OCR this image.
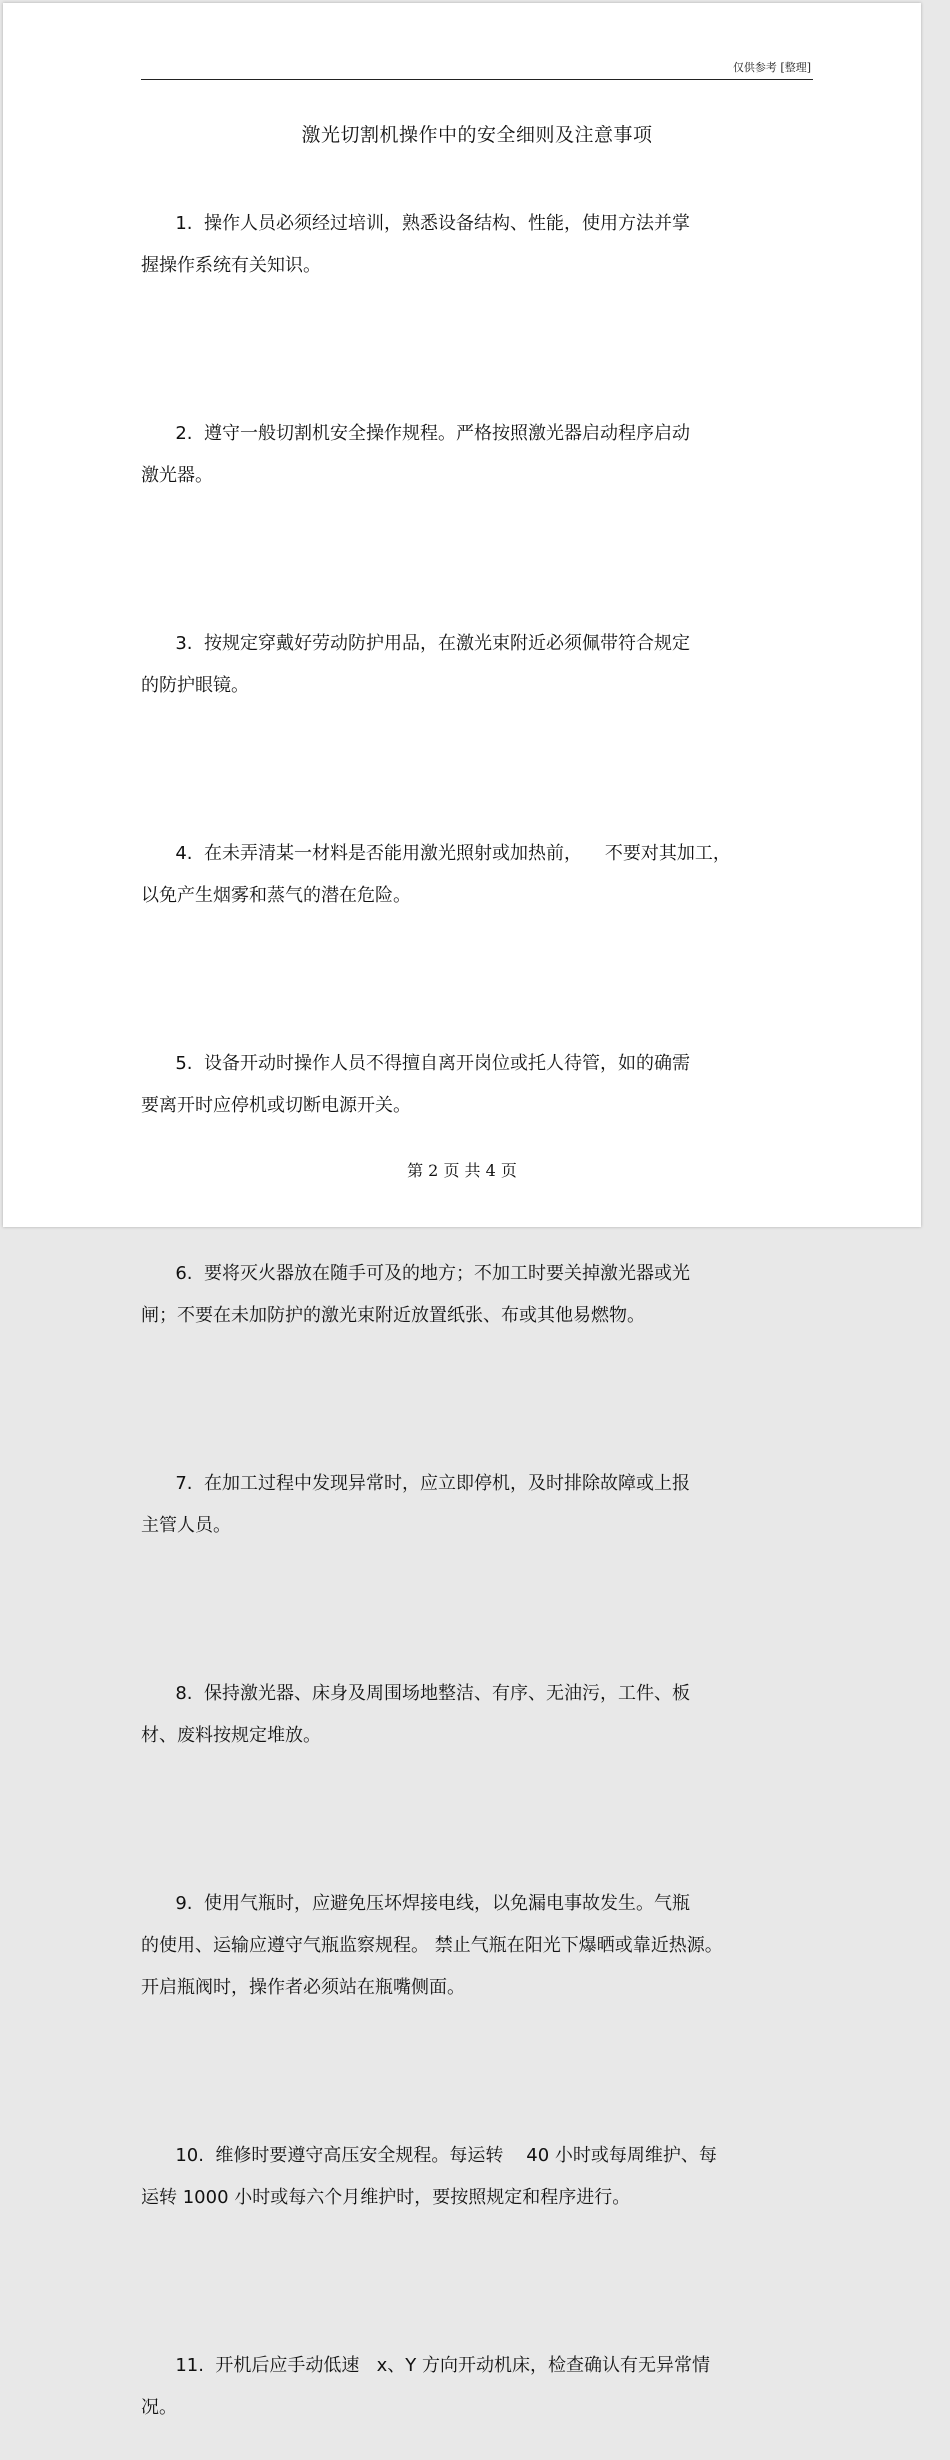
仅供参考 [整理]
激光切割机操作中的安全细则及注意事项

1.  操作人员必须经过培训，熟悉设备结构、性能，使用方法并掌
握操作系统有关知识。

2.  遵守一般切割机安全操作规程。严格按照激光器启动程序启动
激光器。

3.  按规定穿戴好劳动防护用品，在激光束附近必须佩带符合规定
的防护眼镜。

4.  在未弄清某一材料是否能用激光照射或加热前，    不要对其加工，
以免产生烟雾和蒸气的潜在危险。

5.  设备开动时操作人员不得擅自离开岗位或托人待管，如的确需
要离开时应停机或切断电源开关。

6.  要将灭火器放在随手可及的地方；不加工时要关掉激光器或光
闸；不要在未加防护的激光束附近放置纸张、布或其他易燃物。

7.  在加工过程中发现异常时，应立即停机，及时排除故障或上报
主管人员。

8.  保持激光器、床身及周围场地整洁、有序、无油污，工件、板
材、废料按规定堆放。

9.  使用气瓶时，应避免压坏焊接电线，以免漏电事故发生。气瓶
的使用、运输应遵守气瓶监察规程。 禁止气瓶在阳光下爆晒或靠近热源。
开启瓶阀时，操作者必须站在瓶嘴侧面。

10.  维修时要遵守高压安全规程。每运转    40 小时或每周维护、每
运转 1000 小时或每六个月维护时，要按照规定和程序进行。

11.  开机后应手动低速   x、Y 方向开动机床，检查确认有无异常情
况。

第 2 页 共 4 页
